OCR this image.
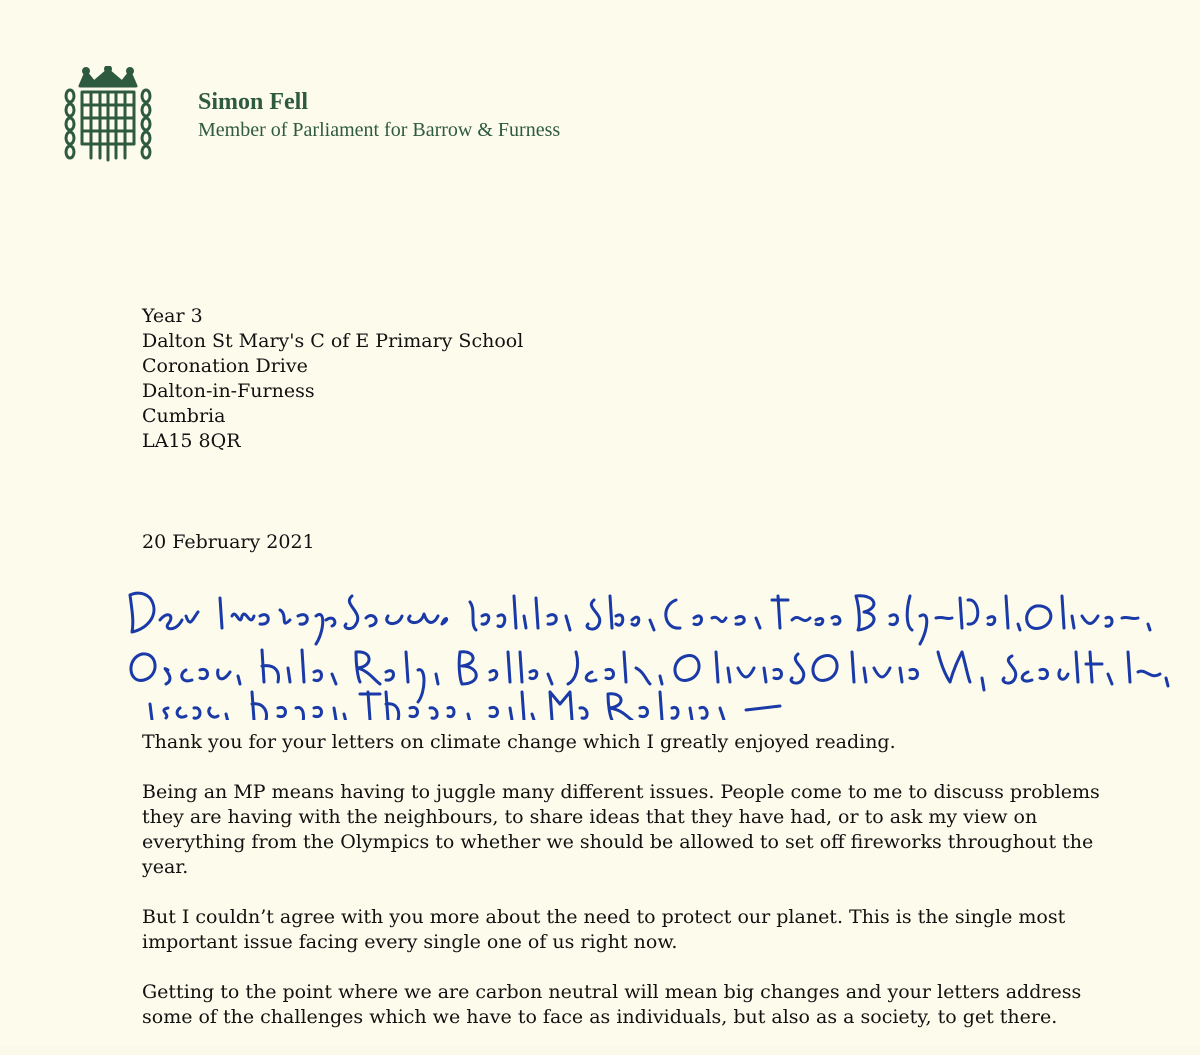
Simon Fell
Member of Parliament for Barrow & Furness
Year 3
Dalton St Mary's C of E Primary School
Coronation Drive
Dalton-in-Furness
Cumbria
LA15 8QR
20 February 2021

Thank you for your letters on climate change which I greatly enjoyed reading.

Being an MP means having to juggle many different issues. People come to me to discuss problems they are having with the neighbours, to share ideas that they have had, or to ask my view on everything from the Olympics to whether we should be allowed to set off fireworks throughout the year.

But I couldn’t agree with you more about the need to protect our planet. This is the single most important issue facing every single one of us right now.

Getting to the point where we are carbon neutral will mean big changes and your letters address some of the challenges which we have to face as individuals, but also as a society, to get there.
